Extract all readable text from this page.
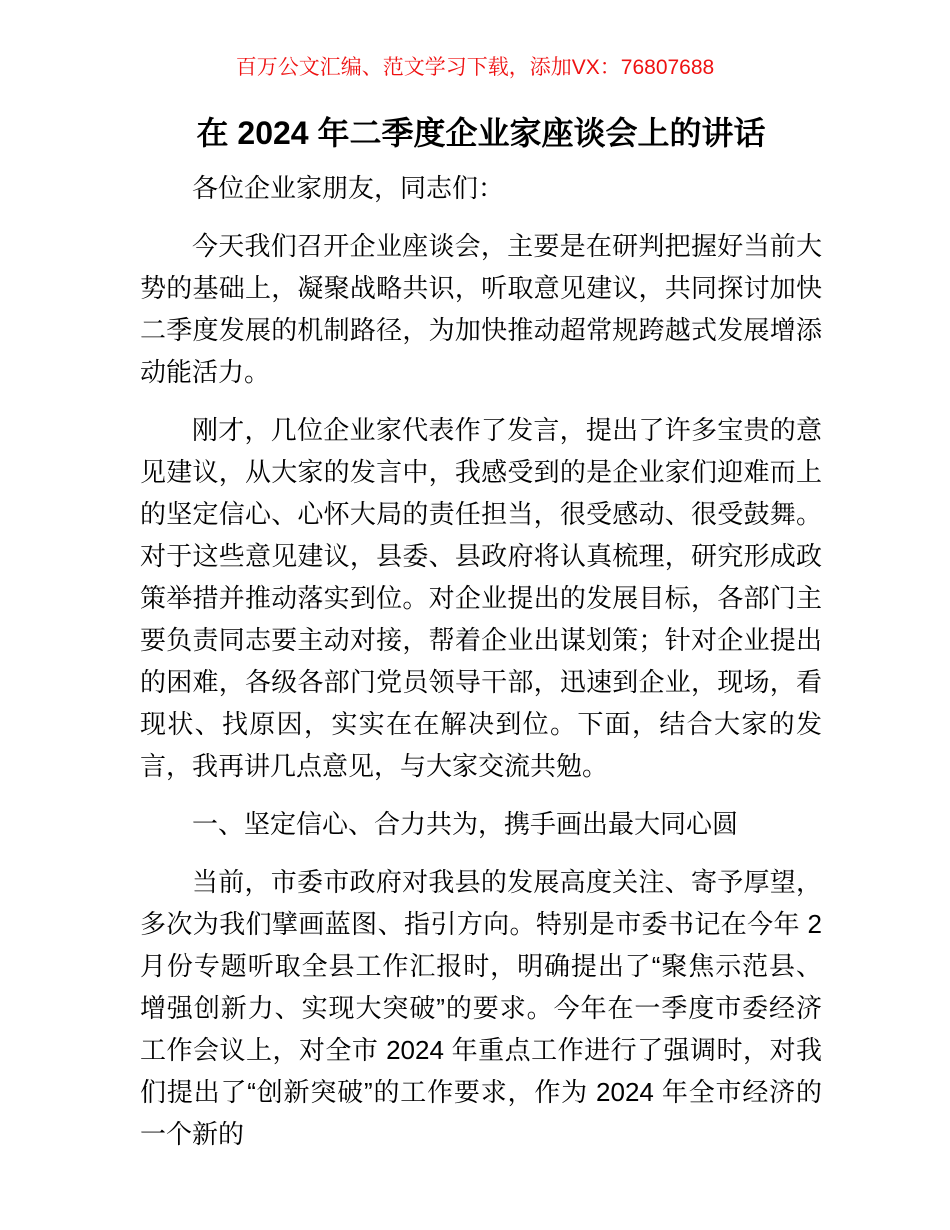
百万公文汇编、范文学习下载，添加VX：76807688
在 2024 年二季度企业家座谈会上的讲话

各位企业家朋友，同志们：

今天我们召开企业座谈会，主要是在研判把握好当前大势的基础上，凝聚战略共识，听取意见建议，共同探讨加快二季度发展的机制路径，为加快推动超常规跨越式发展增添动能活力。

刚才，几位企业家代表作了发言，提出了许多宝贵的意见建议，从大家的发言中，我感受到的是企业家们迎难而上的坚定信心、心怀大局的责任担当，很受感动、很受鼓舞。对于这些意见建议，县委、县政府将认真梳理，研究形成政策举措并推动落实到位。对企业提出的发展目标，各部门主要负责同志要主动对接，帮着企业出谋划策；针对企业提出的困难，各级各部门党员领导干部，迅速到企业，现场，看现状、找原因，实实在在解决到位。下面，结合大家的发言，我再讲几点意见，与大家交流共勉。

一、坚定信心、合力共为，携手画出最大同心圆

当前，市委市政府对我县的发展高度关注、寄予厚望，多次为我们擘画蓝图、指引方向。特别是市委书记在今年 2 月份专题听取全县工作汇报时，明确提出了“聚焦示范县、增强创新力、实现大突破”的要求。今年在一季度市委经济工作会议上，对全市 2024 年重点工作进行了强调时，对我们提出了“创新突破”的工作要求，作为 2024 年全市经济的一个新的
